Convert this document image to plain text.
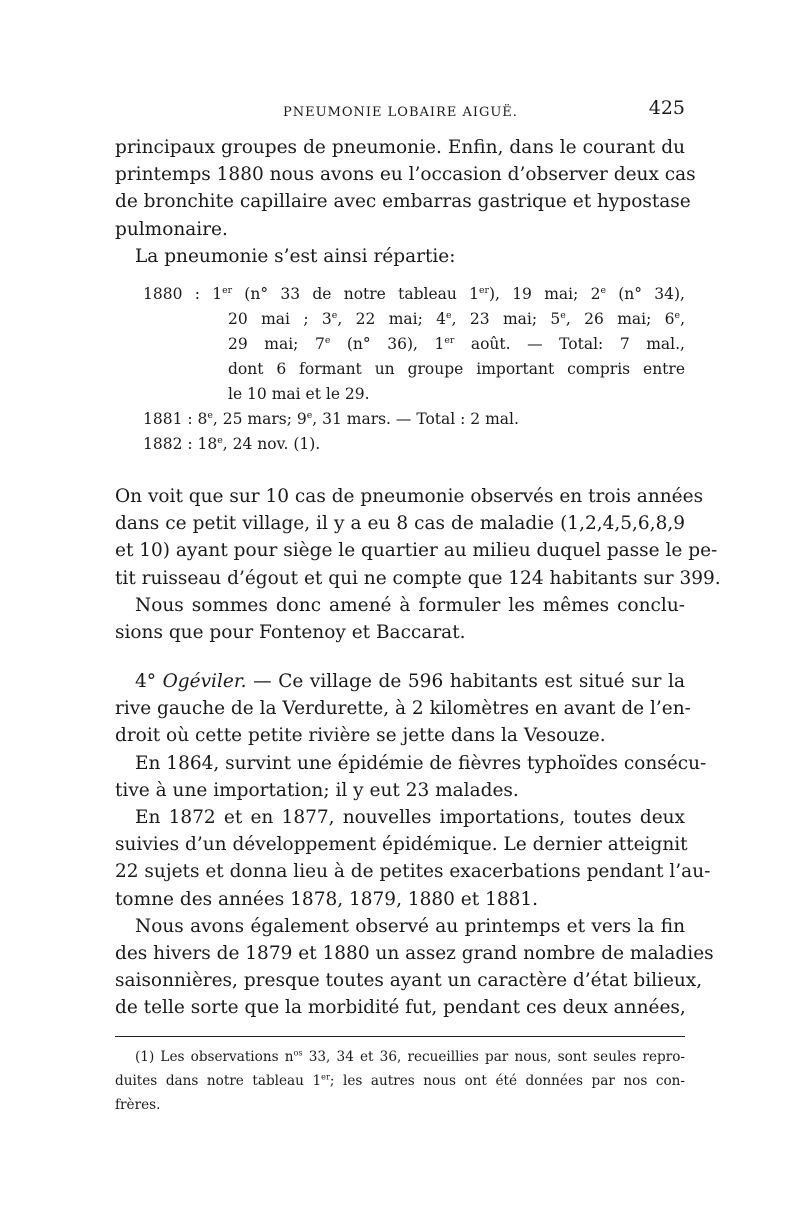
PNEUMONIE LOBAIRE AIGUË.	425
principaux groupes de pneumonie. Enfin, dans le courant du
printemps 1880 nous avons eu l’occasion d’observer deux cas
de bronchite capillaire avec embarras gastrique et hypostase
pulmonaire.
La pneumonie s’est ainsi répartie:
1880 : 1er (n° 33 de notre tableau 1er), 19 mai; 2e (n° 34),
20 mai ; 3e, 22 mai; 4e, 23 mai; 5e, 26 mai; 6e,
29 mai; 7e (n° 36), 1er août. — Total: 7 mal.,
dont 6 formant un groupe important compris entre
le 10 mai et le 29.
1881 : 8e, 25 mars; 9e, 31 mars. — Total : 2 mal.
1882 : 18e, 24 nov. (1).
On voit que sur 10 cas de pneumonie observés en trois années
dans ce petit village, il y a eu 8 cas de maladie (1,2,4,5,6,8,9
et 10) ayant pour siège le quartier au milieu duquel passe le pe-
tit ruisseau d’égout et qui ne compte que 124 habitants sur 399.
Nous sommes donc amené à formuler les mêmes conclu-
sions que pour Fontenoy et Baccarat.
4° Ogéviler. — Ce village de 596 habitants est situé sur la
rive gauche de la Verdurette, à 2 kilomètres en avant de l’en-
droit où cette petite rivière se jette dans la Vesouze.
En 1864, survint une épidémie de fièvres typhoïdes consécu-
tive à une importation; il y eut 23 malades.
En 1872 et en 1877, nouvelles importations, toutes deux
suivies d’un développement épidémique. Le dernier atteignit
22 sujets et donna lieu à de petites exacerbations pendant l’au-
tomne des années 1878, 1879, 1880 et 1881.
Nous avons également observé au printemps et vers la fin
des hivers de 1879 et 1880 un assez grand nombre de maladies
saisonnières, presque toutes ayant un caractère d’état bilieux,
de telle sorte que la morbidité fut, pendant ces deux années,
(1) Les observations $n^{os}$ 33, 34 et 36, recueillies par nous, sont seules repro-
duites dans notre tableau 1er; les autres nous ont été données par nos con-
frères.
